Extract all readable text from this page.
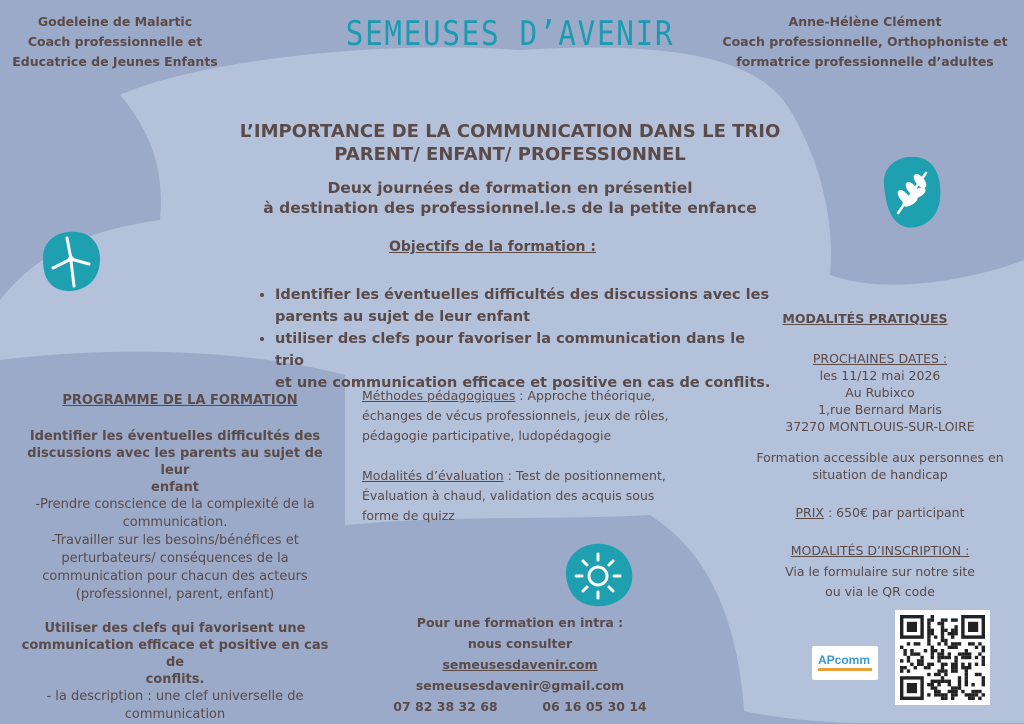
Godeleine de Malartic
Coach professionnelle et
Educatrice de Jeunes Enfants
SEMEUSES D’AVENIR	Anne-Hélène Clément
Coach professionnelle, Orthophoniste et
formatrice professionnelle d’adultes
L’IMPORTANCE DE LA COMMUNICATION DANS LE TRIO
PARENT/ ENFANT/ PROFESSIONNEL
Deux journées de formation en présentiel
à destination des professionnel.le.s de la petite enfance
Objectifs de la formation :
• Identifier les éventuelles difficultés des discussions avec les
parents au sujet de leur enfant
• utiliser des clefs pour favoriser la communication dans le trio
et une communication efficace et positive en cas de conflits.
PROGRAMME DE LA FORMATION
Identifier les éventuelles difficultés des
discussions avec les parents au sujet de leur
enfant
-Prendre conscience de la complexité de la
communication.
-Travailler sur les besoins/bénéfices et
perturbateurs/ conséquences de la
communication pour chacun des acteurs
(professionnel, parent, enfant)
Utiliser des clefs qui favorisent une
communication efficace et positive en cas de
conflits.
- la description : une clef universelle de
communication
Méthodes pédagogiques : Approche théorique,
échanges de vécus professionnels, jeux de rôles,
pédagogie participative, ludopédagogie
Modalités d’évaluation : Test de positionnement,
Évaluation à chaud, validation des acquis sous
forme de quizz
Pour une formation en intra :
nous consulter
semeusesdavenir.com
semeusesdavenir@gmail.com
07 82 38 32 68	06 16 05 30 14
MODALITÉS PRATIQUES
PROCHAINES DATES :
les 11/12 mai 2026
Au Rubixco
1,rue Bernard Maris
37270 MONTLOUIS-SUR-LOIRE
Formation accessible aux personnes en
situation de handicap
PRIX : 650€ par participant
MODALITÉS D’INSCRIPTION :
Via le formulaire sur notre site
ou via le QR code
APcomm
